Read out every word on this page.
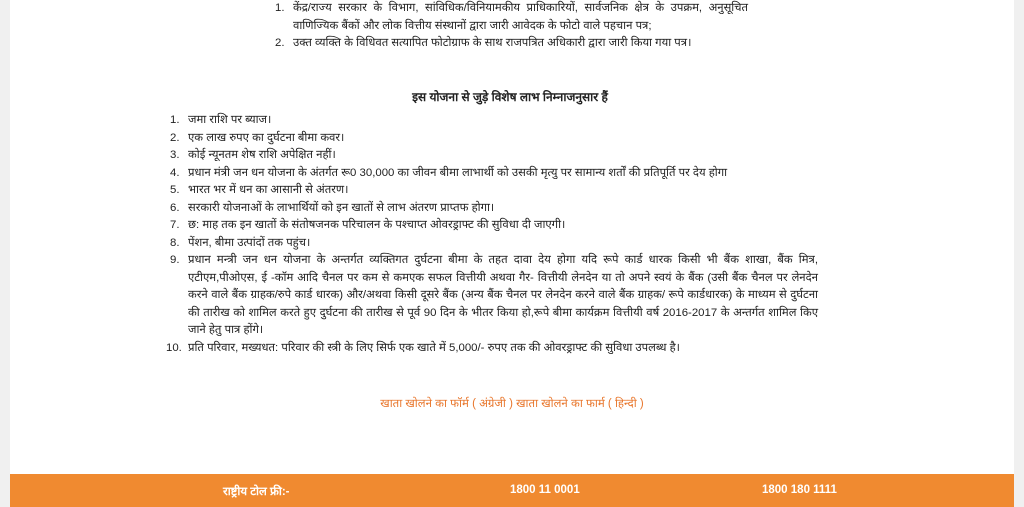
1. केंद्र/राज्य सरकार के विभाग, सांविधिक/विनियामकीय प्राधिकारियों, सार्वजनिक क्षेत्र के उपक्रम, अनुसूचित वाणिज्यिक बैंकों और लोक वित्तीय संस्थानों द्वारा जारी आवेदक के फोटो वाले पहचान पत्र;
2. उक्त व्यक्ति के विधिवत सत्यापित फोटोग्राफ के साथ राजपत्रित अधिकारी द्वारा जारी किया गया पत्र।
इस योजना से जुड़े विशेष लाभ निम्नाजनुसार हैं
1. जमा राशि पर ब्याज।
2. एक लाख रुपए का दुर्घटना बीमा कवर।
3. कोई न्यूनतम शेष राशि अपेक्षित नहीं।
4. प्रधान मंत्री जन धन योजना के अंतर्गत रू0 30,000 का जीवन बीमा लाभार्थी को उसकी मृत्यु पर सामान्य शर्तों की प्रतिपूर्ति पर देय होगा
5. भारत भर में धन का आसानी से अंतरण।
6. सरकारी योजनाओं के लाभार्थियों को इन खातों से लाभ अंतरण प्राप्तफ होगा।
7. छ: माह तक इन खातों के संतोषजनक परिचालन के पश्चाप्त ओवरड्राफ्ट की सुविधा दी जाएगी।
8. पेंशन, बीमा उत्पांदों तक पहुंच।
9. प्रधान मन्त्री जन धन योजना के अन्तर्गत व्यक्तिगत दुर्घटना बीमा के तहत दावा देय होगा यदि रूपे कार्ड धारक किसी भी बैंक शाखा, बैंक मित्र, एटीएम,पीओएस, ई -कॉम आदि चैनल पर कम से कमएक सफल वित्तीयी अथवा गैर- वित्तीयी लेनदेन या तो अपने स्वयं के बैंक (उसी बैंक चैनल पर लेनदेन करने वाले बैंक ग्राहक/रुपे कार्ड धारक) और/अथवा किसी दूसरे बैंक (अन्य बैंक चैनल पर लेनदेन करने वाले बैंक ग्राहक/ रूपे कार्डधारक) के माध्यम से दुर्घटना की तारीख को शामिल करते हुए दुर्घटना की तारीख से पूर्व 90 दिन के भीतर किया हो,रूपे बीमा कार्यक्रम वित्तीयी वर्ष 2016-2017 के अन्तर्गत शामिल किए जाने हेतु पात्र होंगे।
10. प्रति परिवार, मख्यधत: परिवार की स्त्री के लिए सिर्फ एक खाते में 5,000/- रुपए तक की ओवरड्राफ्ट की सुविधा उपलब्ध है।
खाता खोलने का फॉर्म ( अंग्रेजी ) खाता खोलने का फार्म ( हिन्दी )
राष्ट्रीय टोल फ्री:-	1800 11 0001	1800 180 1111
